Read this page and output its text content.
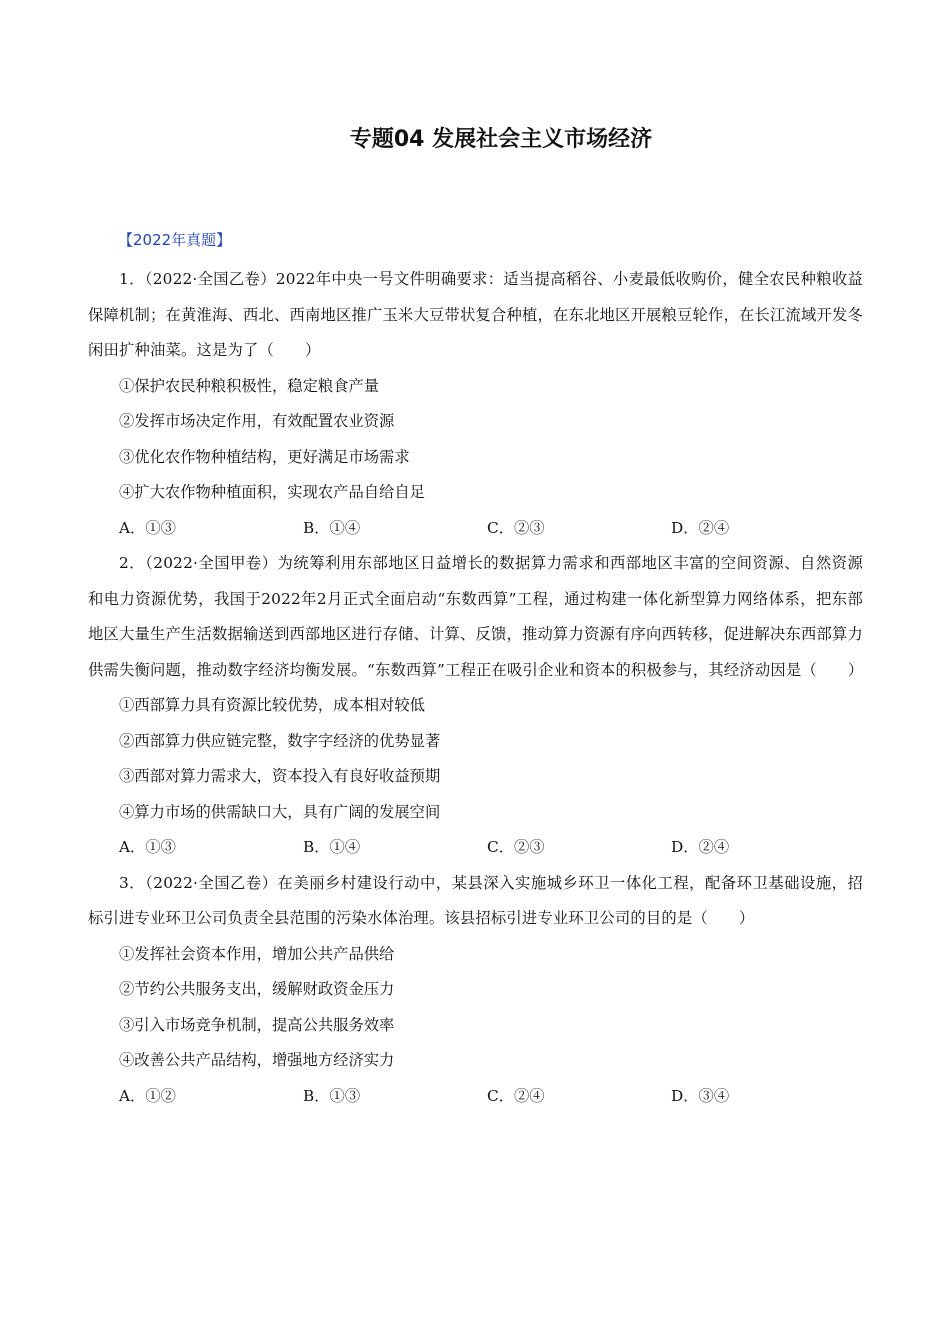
专题04 发展社会主义市场经济
【2022年真题】

1．（2022·全国乙卷）2022年中央一号文件明确要求：适当提高稻谷、小麦最低收购价，健全农民种粮收益保障机制；在黄淮海、西北、西南地区推广玉米大豆带状复合种植，在东北地区开展粮豆轮作，在长江流域开发冬闲田扩种油菜。这是为了（　　）

①保护农民种粮积极性，稳定粮食产量

②发挥市场决定作用，有效配置农业资源

③优化农作物种植结构，更好满足市场需求

④扩大农作物种植面积，实现农产品自给自足

A．①③	B．①④	C．②③	D．②④

2．（2022·全国甲卷）为统筹利用东部地区日益增长的数据算力需求和西部地区丰富的空间资源、自然资源和电力资源优势，我国于2022年2月正式全面启动“东数西算”工程，通过构建一体化新型算力网络体系，把东部地区大量生产生活数据输送到西部地区进行存储、计算、反馈，推动算力资源有序向西转移，促进解决东西部算力供需失衡问题，推动数字经济均衡发展。“东数西算”工程正在吸引企业和资本的积极参与，其经济动因是（　　）

①西部算力具有资源比较优势，成本相对较低

②西部算力供应链完整，数字字经济的优势显著

③西部对算力需求大，资本投入有良好收益预期

④算力市场的供需缺口大，具有广阔的发展空间

A．①③	B．①④	C．②③	D．②④

3．（2022·全国乙卷）在美丽乡村建设行动中，某县深入实施城乡环卫一体化工程，配备环卫基础设施，招标引进专业环卫公司负责全县范围的污染水体治理。该县招标引进专业环卫公司的目的是（　　）

①发挥社会资本作用，增加公共产品供给

②节约公共服务支出，缓解财政资金压力

③引入市场竞争机制，提高公共服务效率

④改善公共产品结构，增强地方经济实力

A．①②	B．①③	C．②④	D．③④
